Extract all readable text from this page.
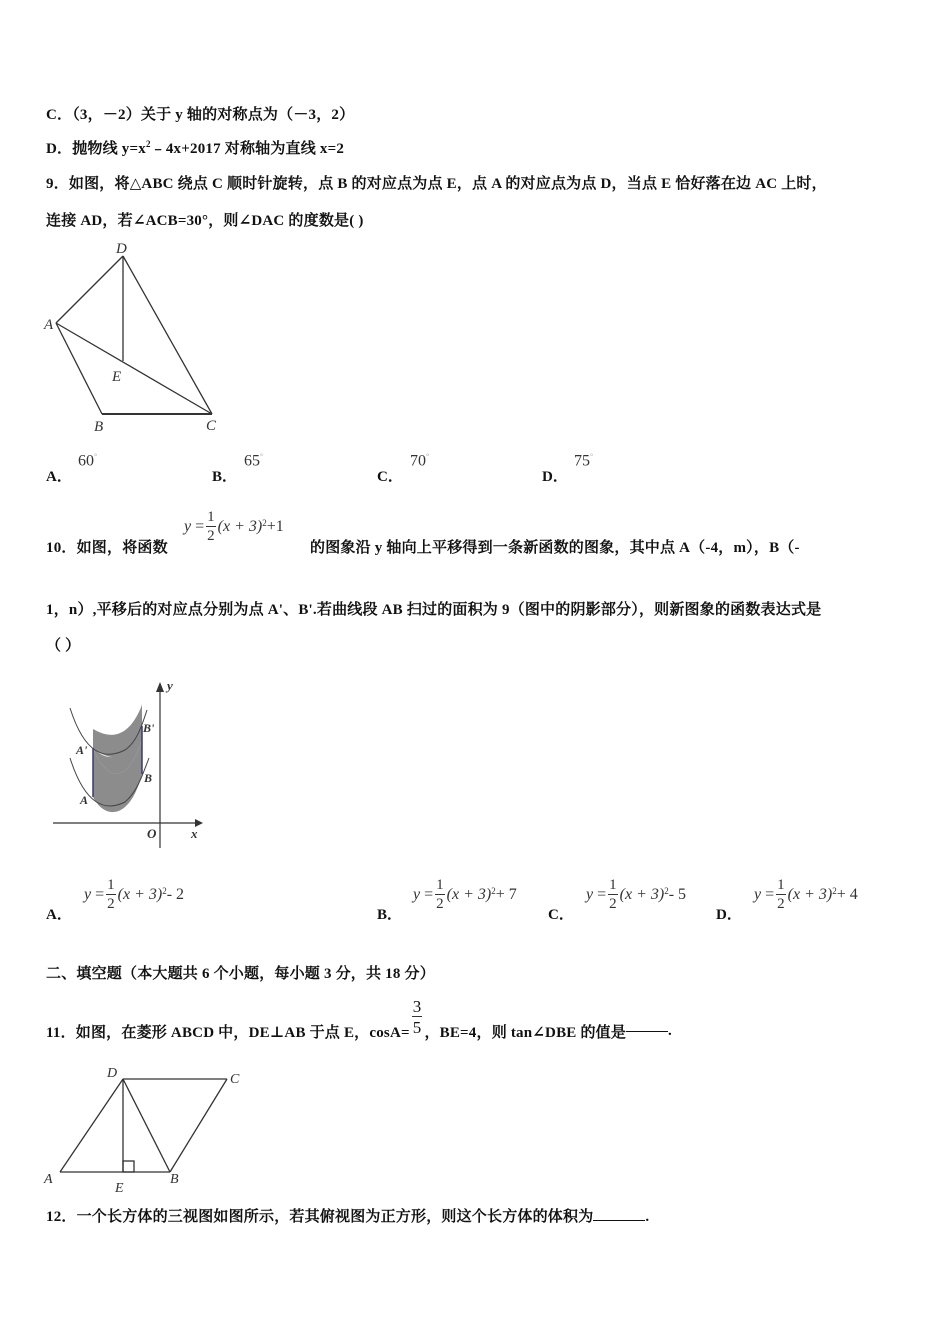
C．（3，－2）关于 y 轴的对称点为（－3，2）
D．抛物线 $y=x^2﹣4x+2017$ 对称轴为直线 x=2
9．如图，将△ABC 绕点 C 顺时针旋转，点 B 的对应点为点 E，点 A 的对应点为点 D，当点 E 恰好落在边 AC 上时，
连接 AD，若∠ACB=30°，则∠DAC 的度数是( )
D
A
E
B	C
A．
60°
B．
65°
C．
70°
D．
75°
10．如图，将函数
y
= $\frac{1}{2} (x + 3)$ 2 +1
的图象沿 y 轴向上平移得到一条新函数的图象，其中点 A（-4，m），B（-
1，n）,平移后的对应点分别为点 A'、B'.若曲线段 AB 扫过的面积为 9（图中的阴影部分），则新图象的函数表达式是
（ ）
y
x
O
B'
A'
B
A
A．
$y = \frac{1}{2} (x + 3)$ 2 - 2
B．
$y = \frac{1}{2} (x + 3) 2 + 7$
C．
$y = \frac{1}{2} (x + 3)$ 2 - 5
D．
$y = \frac{1}{2} (x + 3) 2 + 4$
二、填空题（本大题共 6 个小题，每小题 3 分，共 18 分）
11．如图，在菱形 ABCD 中，DE⊥AB 于点 E，$\cos A= \frac{3}{5}$ ，BE=4，则 tan∠DBE 的值是	.
D	C
A	B
E
12．一个长方体的三视图如图所示，若其俯视图为正方形，则这个长方体的体积为	.
